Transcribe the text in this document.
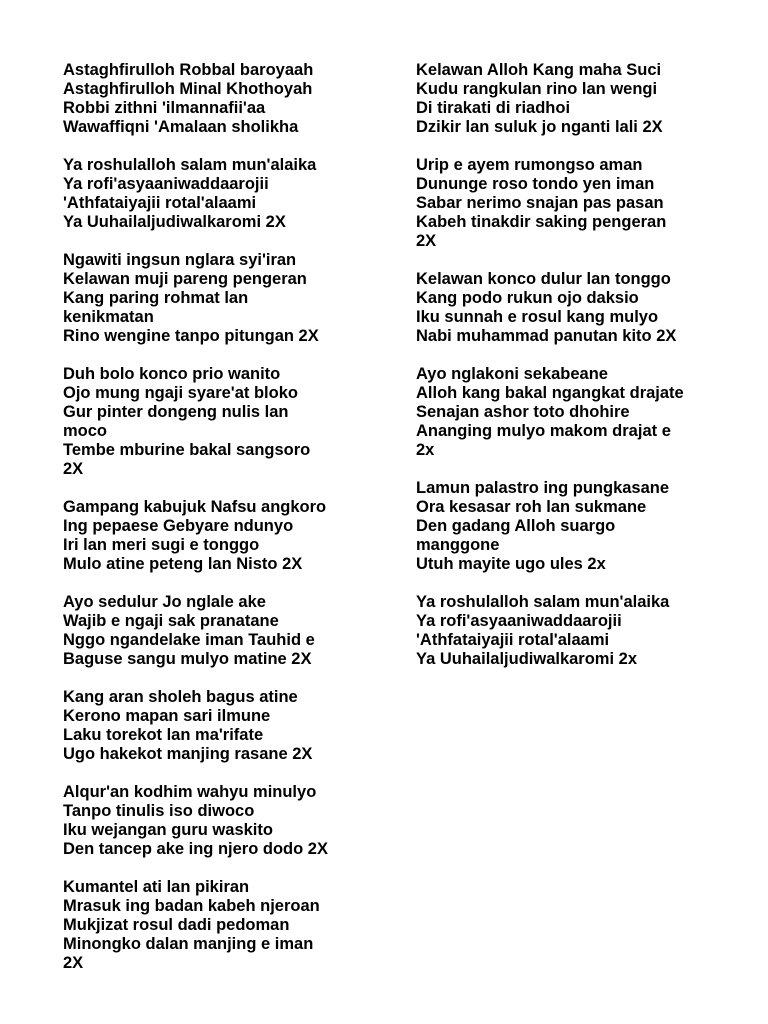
Astaghfirulloh Robbal baroyaah
Astaghfirulloh Minal Khothoyah
Robbi zithni 'ilmannafii'aa
Wawaffiqni 'Amalaan sholikha
Ya roshulalloh salam mun'alaika
Ya rofi'asyaaniwaddaarojii
'Athfataiyajii rotal'alaami
Ya Uuhailaljudiwalkaromi 2X
Ngawiti ingsun nglara syi'iran
Kelawan muji pareng pengeran
Kang paring rohmat lan
kenikmatan
Rino wengine tanpo pitungan 2X
Duh bolo konco prio wanito
Ojo mung ngaji syare'at bloko
Gur pinter dongeng nulis lan
moco
Tembe mburine bakal sangsoro
2X
Gampang kabujuk Nafsu angkoro
Ing pepaese Gebyare ndunyo
Iri lan meri sugi e tonggo
Mulo atine peteng lan Nisto 2X
Ayo sedulur Jo nglale ake
Wajib e ngaji sak pranatane
Nggo ngandelake iman Tauhid e
Baguse sangu mulyo matine 2X
Kang aran sholeh bagus atine
Kerono mapan sari ilmune
Laku torekot lan ma'rifate
Ugo hakekot manjing rasane 2X
Alqur'an kodhim wahyu minulyo
Tanpo tinulis iso diwoco
Iku wejangan guru waskito
Den tancep ake ing njero dodo 2X
Kumantel ati lan pikiran
Mrasuk ing badan kabeh njeroan
Mukjizat rosul dadi pedoman
Minongko dalan manjing e iman
2X
Kelawan Alloh Kang maha Suci
Kudu rangkulan rino lan wengi
Di tirakati di riadhoi
Dzikir lan suluk jo nganti lali 2X
Urip e ayem rumongso aman
Dununge roso tondo yen iman
Sabar nerimo snajan pas pasan
Kabeh tinakdir saking pengeran
2X
Kelawan konco dulur lan tonggo
Kang podo rukun ojo daksio
Iku sunnah e rosul kang mulyo
Nabi muhammad panutan kito 2X
Ayo nglakoni sekabeane
Alloh kang bakal ngangkat drajate
Senajan ashor toto dhohire
Ananging mulyo makom drajat e
2x
Lamun palastro ing pungkasane
Ora kesasar roh lan sukmane
Den gadang Alloh suargo
manggone
Utuh mayite ugo ules 2x
Ya roshulalloh salam mun'alaika
Ya rofi'asyaaniwaddaarojii
'Athfataiyajii rotal'alaami
Ya Uuhailaljudiwalkaromi 2x
